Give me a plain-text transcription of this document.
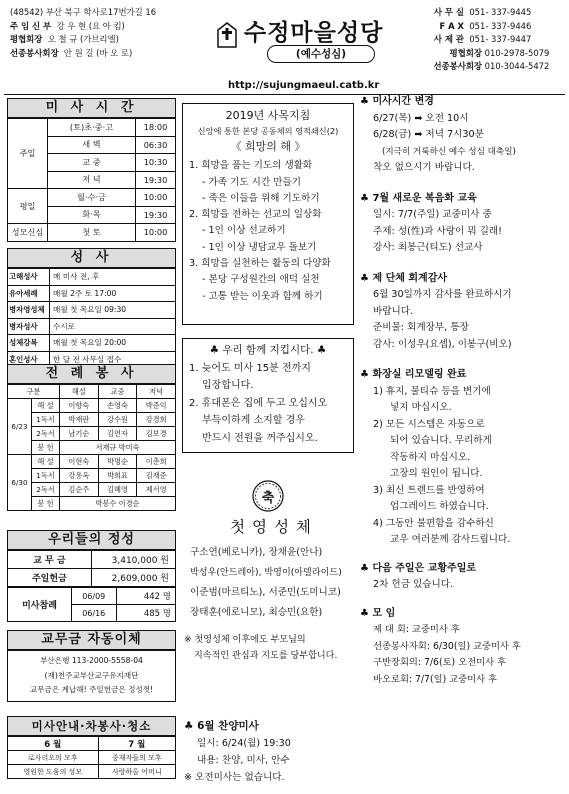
(48542) 부산 북구 학사로17번가길 16
주 임 신 부
강 우 현 (요 아 킴)
평협회장
오 철 규 (가브리엘)
선종봉사회장
안 원 길 (바 오 로)
수정마을성당
(예수성심)
http://sujungmaeul.catb.kr
사 무 실
051- 337-9445
F A X
051- 337-9446
사 제 관
051- 337-9447
평협회장
010-2978-5079
선종봉사회장
010-3044-5472
미 사 시 간
주일	(토)초·중·고	18:00
	새 벽	06:30
	교 중	10:30
	저 녁	19:30
평일	월·수·금	10:00
	화·목	19:30
성모신심	첫 토	10:00
성 사
고해성사	매 미사 전, 후
유아세례	매월 2주 토 17:00
병자영성체	매월 첫 목요일 09:30
병자성사	수시로
성체강복	매월 첫 목요일 20:00
혼인성사	한 달 전 사무실 접수
전 례 봉 사
구분		해설	교중	저녁
6/23	해 설	이향숙	손영숙	박준익
	1독서	박재판	강수원	강경희
	2독서	남기순	김연자	김보경
	봉 헌	서재규 박미숙		
6/30	해 설	이현숙	박명순	이춘희
	1독서	강용옥	박희표	김재준
	2독서	김순주	김혜영	제서영
	봉 헌	박봉수 이경순		
우리들의 정성
교 무 금	3,410,000 원
주일헌금	2,609,000 원
미사참례	06/09	442 명
	06/16	485 명
교무금 자동이체
부산은행 113-2000-5558-04
(재)천주교부산교구유지재단
교무금은 계납해! 주일헌금은 정성껏!
미사안내·차봉사·청소
6 월	7 월
로사리오의 모후	중재자들의 모후
영원한 도움의 성모	사랑하올 어머니
2019년 사목지침
신앙에 통한 본당 공동체의 영적쇄신(2)
《 희망의 해 》
1. 희망을 품는 기도의 생활화
- 가족 기도 시간 만들기
- 죽은 이들을 위해 기도하기
2. 희망을 전하는 선교의 일상화
- 1인 이상 선교하기
- 1인 이상 냉담교우 돌보기
3. 희망을 실천하는 활동의 다양화
- 본당 구성원간의 애덕 실천
- 고통 받는 이웃과 함께 하기
♣ 우리 함께 지킵시다. ♣
1. 늦어도 미사 15분 전까지
입장합니다.
2. 휴대폰은 집에 두고 오십시오
부득이하게 소지할 경우
반드시 전원을 꺼주십시오.
축
첫 영 성 체
구소연(베로니카), 장채윤(안나)
박성우(안드레아), 박영이(아델라이드)
이준범(마르티노), 서준민(도미니코)
장태훈(에로니모), 최승민(요한)
※ 첫영성체 이후에도 부모님의
지속적인 관심과 지도를 당부합니다.
♣ 6월 찬양미사
일시: 6/24(월) 19:30
내용: 찬양, 미사, 안수
※ 오전미사는 없습니다.
♣ 미사시간 변경
6/27(목) ➡ 오전 10시
6/28(금) ➡ 저녁 7시30분
(지극히 거룩하신 예수 성심 대축일)
착오 없으시기 바랍니다.
♣ 7월 새로운 복음화 교육
일시: 7/7(주일) 교중미사 중
주제: 성(性)과 사랑이 뭐 길래!
강사: 최봉근(티도) 선교사
♣ 제 단체 회계감사
6월 30일까지 감사를 완료하시기
바랍니다.
준비물: 회계장부, 통장
감사: 이성우(요셉), 이봉구(비오)
♣ 화장실 리모델링 완료
1) 휴지, 물티슈 등을 변기에
넣지 마십시오.
2) 모든 시스템은 자동으로
되어 있습니다. 무리하게
작동하지 마십시오.
고장의 원인이 됩니다.
3) 최신 트렌드를 반영하여
업그레이드 하였습니다.
4) 그동안 불편함을 감수하신
교우 여러분께 감사드립니다.
♣ 다음 주일은 교황주일로
2차 헌금 있습니다.
♣ 모 임
제 대 회: 교중미사 후
선종봉사자회: 6/30(일) 교중미사 후
구반장회의: 7/6(토) 오전미사 후
바오로회: 7/7(일) 교중미사 후
